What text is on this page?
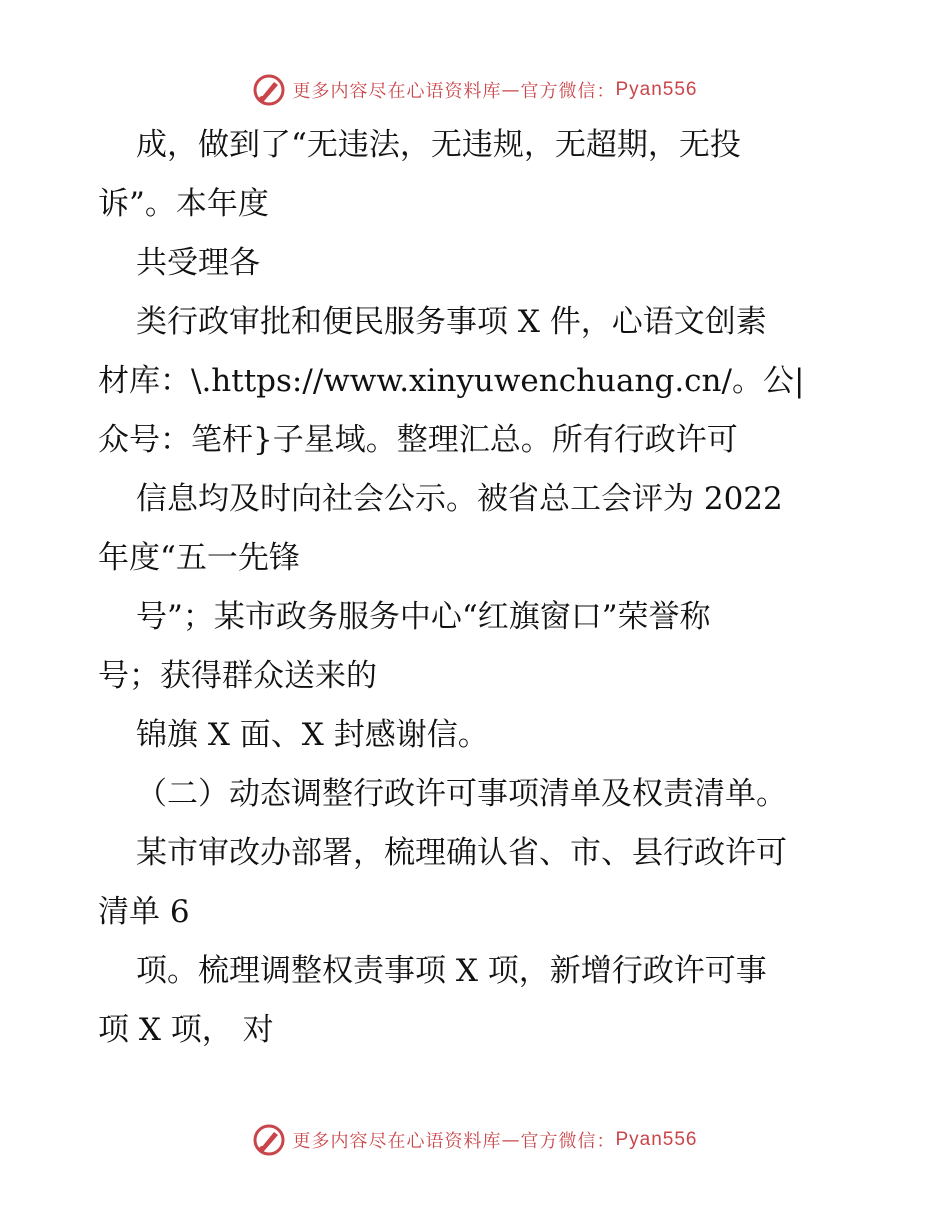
更多内容尽在心语资料库 — 官方微信： Pyan556
成，做到了“无违法，无违规，无超期，无投
诉”。本年度
共受理各
类行政审批和便民服务事项 X 件，心语文创素
材库：\.https://www.xinyuwenchuang.cn/。公|
众号：笔杆}子星域。整理汇总。所有行政许可
信息均及时向社会公示。被省总工会评为 2022
年度“五一先锋
号”；某市政务服务中心“红旗窗口”荣誉称
号；获得群众送来的
锦旗 X 面、X 封感谢信。
（二）动态调整行政许可事项清单及权责清单。
某市审改办部署，梳理确认省、市、县行政许可
清单 6
项。梳理调整权责事项 X 项，新增行政许可事
项 X 项， 对
更多内容尽在心语资料库 — 官方微信： Pyan556
